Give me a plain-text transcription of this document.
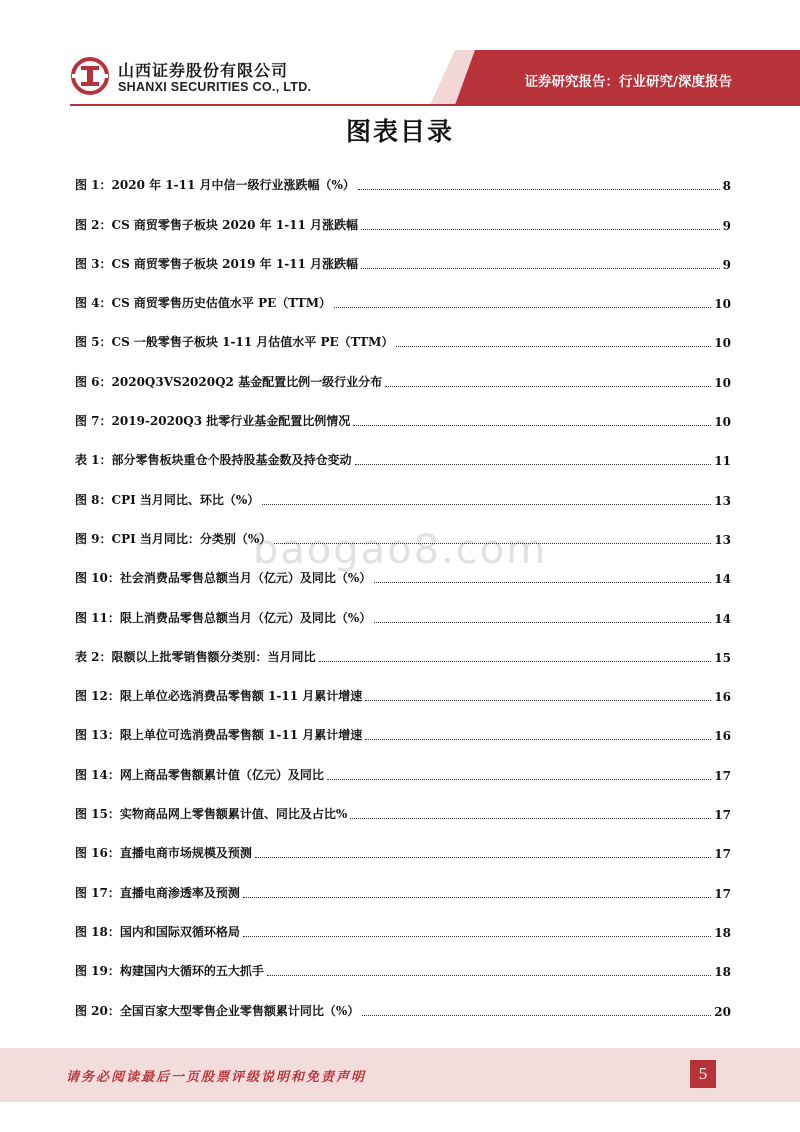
山西证券股份有限公司
SHANXI SECURITIES CO., LTD.	证券研究报告：行业研究/深度报告
图表目录
baogao8.com
图 1：2020 年 1-11 月中信一级行业涨跌幅（%）	8
图 2：CS 商贸零售子板块 2020 年 1-11 月涨跌幅	9
图 3：CS 商贸零售子板块 2019 年 1-11 月涨跌幅	9
图 4：CS 商贸零售历史估值水平 PE（TTM）	10
图 5：CS 一般零售子板块 1-11 月估值水平 PE（TTM）	10
图 6：2020Q3VS2020Q2 基金配置比例一级行业分布	10
图 7：2019-2020Q3 批零行业基金配置比例情况	10
表 1：部分零售板块重仓个股持股基金数及持仓变动	11
图 8：CPI 当月同比、环比（%）	13
图 9：CPI 当月同比：分类别（%）	13
图 10：社会消费品零售总额当月（亿元）及同比（%）	14
图 11：限上消费品零售总额当月（亿元）及同比（%）	14
表 2：限额以上批零销售额分类别：当月同比	15
图 12：限上单位必选消费品零售额 1-11 月累计增速	16
图 13：限上单位可选消费品零售额 1-11 月累计增速	16
图 14：网上商品零售额累计值（亿元）及同比	17
图 15：实物商品网上零售额累计值、同比及占比%	17
图 16：直播电商市场规模及预测	17
图 17：直播电商渗透率及预测	17
图 18：国内和国际双循环格局	18
图 19：构建国内大循环的五大抓手	18
图 20：全国百家大型零售企业零售额累计同比（%）	20
请务必阅读最后一页股票评级说明和免责声明	5
